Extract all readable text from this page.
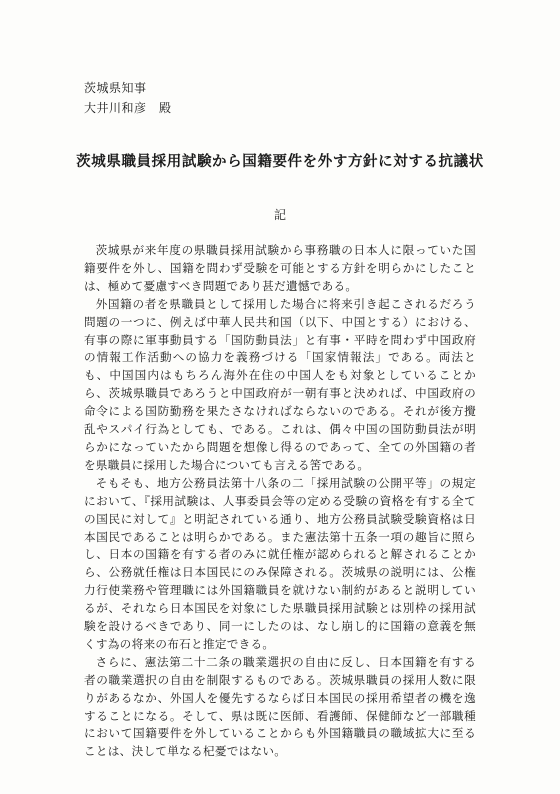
茨城県知事
大井川和彦　殿
茨城県職員採用試験から国籍要件を外す方針に対する抗議状
記

茨城県が来年度の県職員採用試験から事務職の日本人に限っていた国籍要件を外し、国籍を問わず受験を可能とする方針を明らかにしたことは、極めて憂慮すべき問題であり甚だ遺憾である。

外国籍の者を県職員として採用した場合に将来引き起こされるだろう問題の一つに、例えば中華人民共和国（以下、中国とする）における、有事の際に軍事動員する「国防動員法」と有事・平時を問わず中国政府の情報工作活動への協力を義務づける「国家情報法」である。両法とも、中国国内はもちろん海外在住の中国人をも対象としていることから、茨城県職員であろうと中国政府が一朝有事と決めれば、中国政府の命令による国防勤務を果たさなければならないのである。それが後方攪乱やスパイ行為としても、である。これは、偶々中国の国防動員法が明らかになっていたから問題を想像し得るのであって、全ての外国籍の者を県職員に採用した場合についても言える筈である。

そもそも、地方公務員法第十八条の二「採用試験の公開平等」の規定において、『採用試験は、人事委員会等の定める受験の資格を有する全ての国民に対して』と明記されている通り、地方公務員試験受験資格は日本国民であることは明らかである。また憲法第十五条一項の趣旨に照らし、日本の国籍を有する者のみに就任権が認められると解されることから、公務就任権は日本国民にのみ保障される。茨城県の説明には、公権力行使業務や管理職には外国籍職員を就けない制約があると説明しているが、それなら日本国民を対象にした県職員採用試験とは別枠の採用試験を設けるべきであり、同一にしたのは、なし崩し的に国籍の意義を無くす為の将来の布石と推定できる。

さらに、憲法第二十二条の職業選択の自由に反し、日本国籍を有する者の職業選択の自由を制限するものである。茨城県職員の採用人数に限りがあるなか、外国人を優先するならば日本国民の採用希望者の機を逸することになる。そして、県は既に医師、看護師、保健師など一部職種において国籍要件を外していることからも外国籍職員の職域拡大に至ることは、決して単なる杞憂ではない。
